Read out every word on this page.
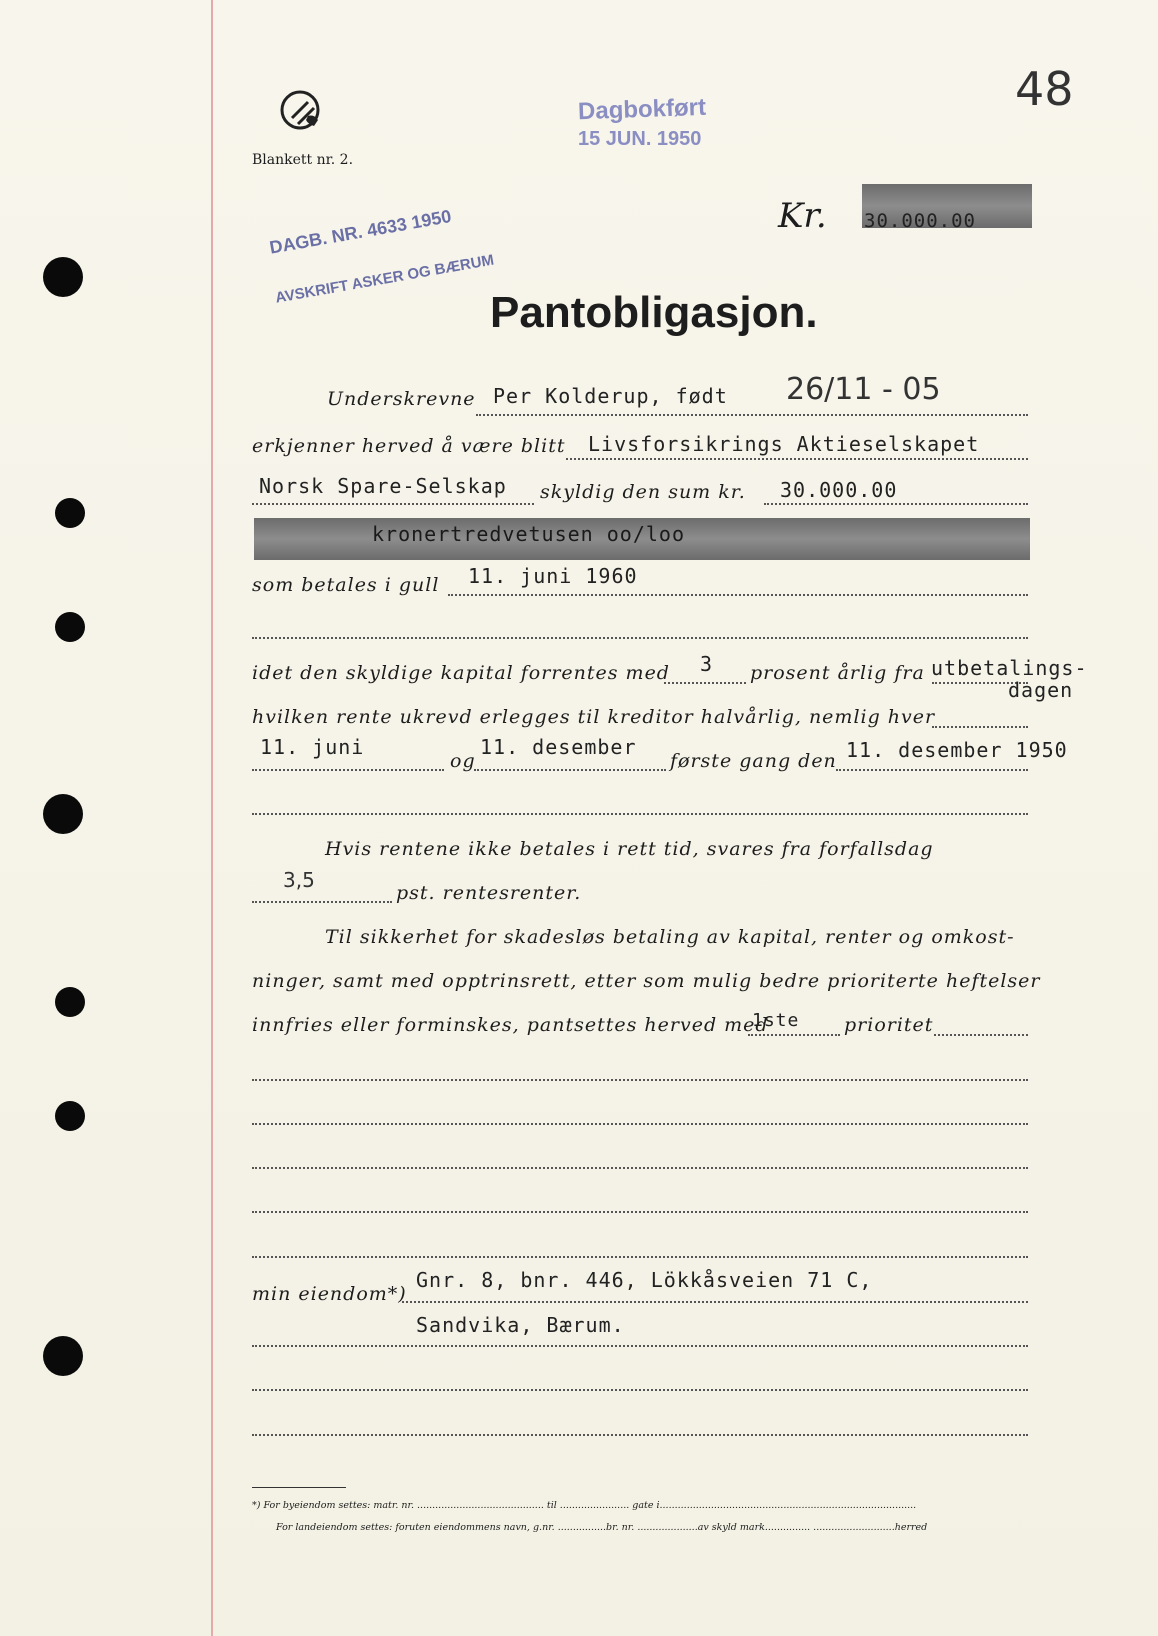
Blankett nr. 2.
Dagbokført
15 JUN. 1950
48
DAGB. NR. 4633 1950
AVSKRIFT ASKER OG BÆRUM
Kr. 30.000.00
Pantobligasjon.
Underskrevne Per Kolderup, født 26/11 - 05
erkjenner herved å være blitt Livsforsikrings Aktieselskapet
Norsk Spare-Selskap skyldig den sum kr. 30.000.00
kronertredvetusen oo/loo
som betales i gull 11. juni 1960
idet den skyldige kapital forrentes med 3 prosent årlig fra utbetalings-
dagen
hvilken rente ukrevd erlegges til kreditor halvårlig, nemlig hver
11. juni
og
11. desember
første gang den 11. desember 1950
Hvis rentene ikke betales i rett tid, svares fra forfallsdag
3,5
pst. rentesrenter.
Til sikkerhet for skadesløs betaling av kapital, renter og omkost-
ninger, samt med opptrinsrett, etter som mulig bedre prioriterte heftelser
innfries eller forminskes, pantsettes herved med
1ste prioritet
min eiendom*)
Gnr. 8, bnr. 446, Lökkåsveien 71 C,
Sandvika, Bærum.
*) For byeiendom settes: matr. nr. .......................................... til ....................... gate i.....................................................................................
For landeiendom settes: foruten eiendommens navn, g.nr. ................br. nr. ....................av skyld mark............... ...........................herred
